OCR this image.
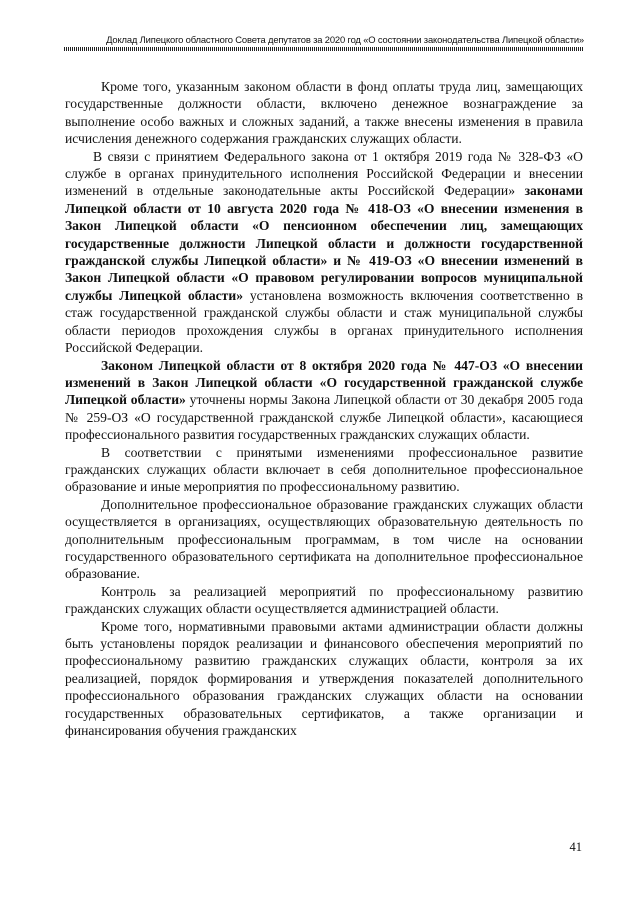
Доклад Липецкого областного Совета депутатов за 2020 год «О состоянии законодательства Липецкой области»

Кроме того, указанным законом области в фонд оплаты труда лиц, замещающих государственные должности области, включено денежное вознаграждение за выполнение особо важных и сложных заданий, а также внесены изменения в правила исчисления денежного содержания гражданских служащих области.

В связи с принятием Федерального закона от 1 октября 2019 года № 328-ФЗ «О службе в органах принудительного исполнения Российской Федерации и внесении изменений в отдельные законодательные акты Российской Федерации» законами Липецкой области от 10 августа 2020 года № 418-ОЗ «О внесении изменения в Закон Липецкой области «О пенсионном обеспечении лиц, замещающих государственные должности Липецкой области и должности государственной гражданской службы Липецкой области» и № 419-ОЗ «О внесении изменений в Закон Липецкой области «О правовом регулировании вопросов муниципальной службы Липецкой области» установлена возможность включения соответственно в стаж государственной гражданской службы области и стаж муниципальной службы области периодов прохождения службы в органах принудительного исполнения Российской Федерации.

Законом Липецкой области от 8 октября 2020 года № 447-ОЗ «О внесении изменений в Закон Липецкой области «О государственной гражданской службе Липецкой области» уточнены нормы Закона Липецкой области от 30 декабря 2005 года № 259-ОЗ «О государственной гражданской службе Липецкой области», касающиеся профессионального развития государственных гражданских служащих области.

В соответствии с принятыми изменениями профессиональное развитие гражданских служащих области включает в себя дополнительное профессиональное образование и иные мероприятия по профессиональному развитию.

Дополнительное профессиональное образование гражданских служащих области осуществляется в организациях, осуществляющих образовательную деятельность по дополнительным профессиональным программам, в том числе на основании государственного образовательного сертификата на дополнительное профессиональное образование.

Контроль за реализацией мероприятий по профессиональному развитию гражданских служащих области осуществляется администрацией области.

Кроме того, нормативными правовыми актами администрации области должны быть установлены порядок реализации и финансового обеспечения мероприятий по профессиональному развитию гражданских служащих области, контроля за их реализацией, порядок формирования и утверждения показателей дополнительного профессионального образования гражданских служащих области на основании государственных образовательных сертификатов, а также организации и финансирования обучения гражданских

41
